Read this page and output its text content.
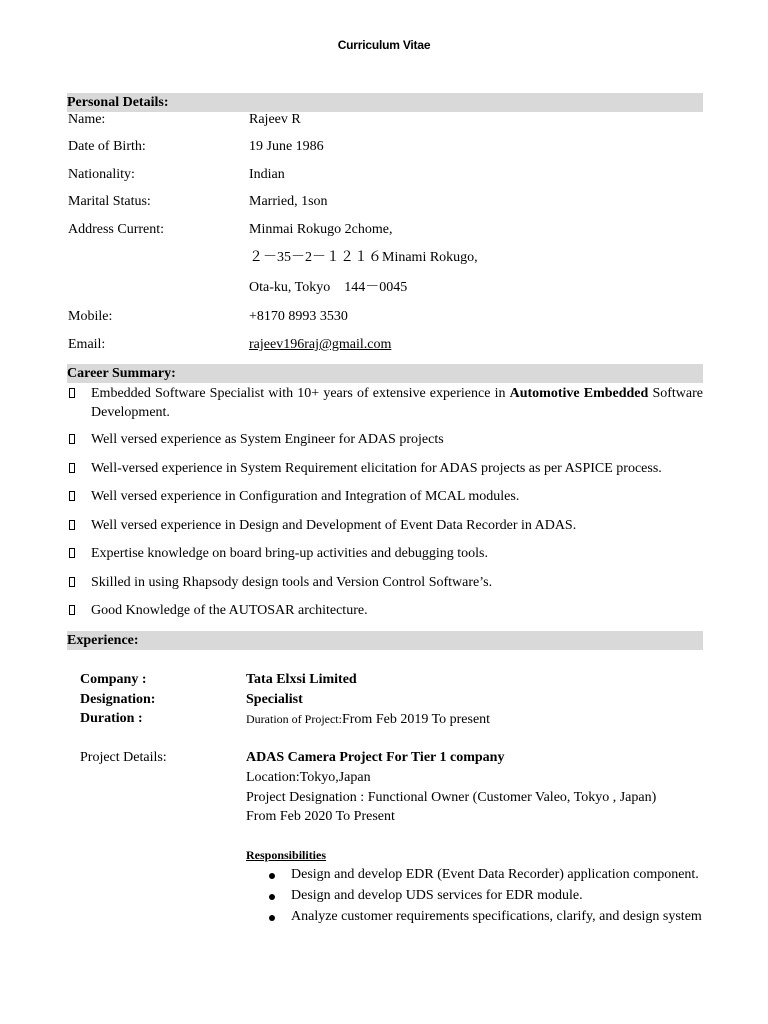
Curriculum Vitae
Personal Details:
Name:	Rajeev R
Date of Birth:	19 June 1986
Nationality:	Indian
Marital Status:	Married, 1son
Address Current:	Minmai Rokugo 2chome,
２－35－2－１２１６Minami Rokugo,
Ota-ku, Tokyo　144－0045
Mobile:	+8170 8993 3530
Email:	rajeev196raj@gmail.com
Career Summary:
Embedded Software Specialist with 10+ years of extensive experience in Automotive Embedded Software Development.
Well versed experience as System Engineer for ADAS projects
Well-versed experience in System Requirement elicitation for ADAS projects as per ASPICE process.
Well versed experience in Configuration and Integration of MCAL modules.
Well versed experience in Design and Development of Event Data Recorder in ADAS.
Expertise knowledge on board bring-up activities and debugging tools.
Skilled in using Rhapsody design tools and Version Control Software’s.
Good Knowledge of the AUTOSAR architecture.
Experience:
Company :	Tata Elxsi Limited
Designation:	Specialist
Duration :	Duration of Project:From Feb 2019 To present
Project Details:	ADAS Camera Project For Tier 1 company
Location:Tokyo,Japan
Project Designation : Functional Owner (Customer Valeo, Tokyo , Japan)
From Feb 2020 To Present
Responsibilities
Design and develop EDR (Event Data Recorder) application component.
Design and develop UDS services for EDR module.
Analyze customer requirements specifications, clarify, and design system
